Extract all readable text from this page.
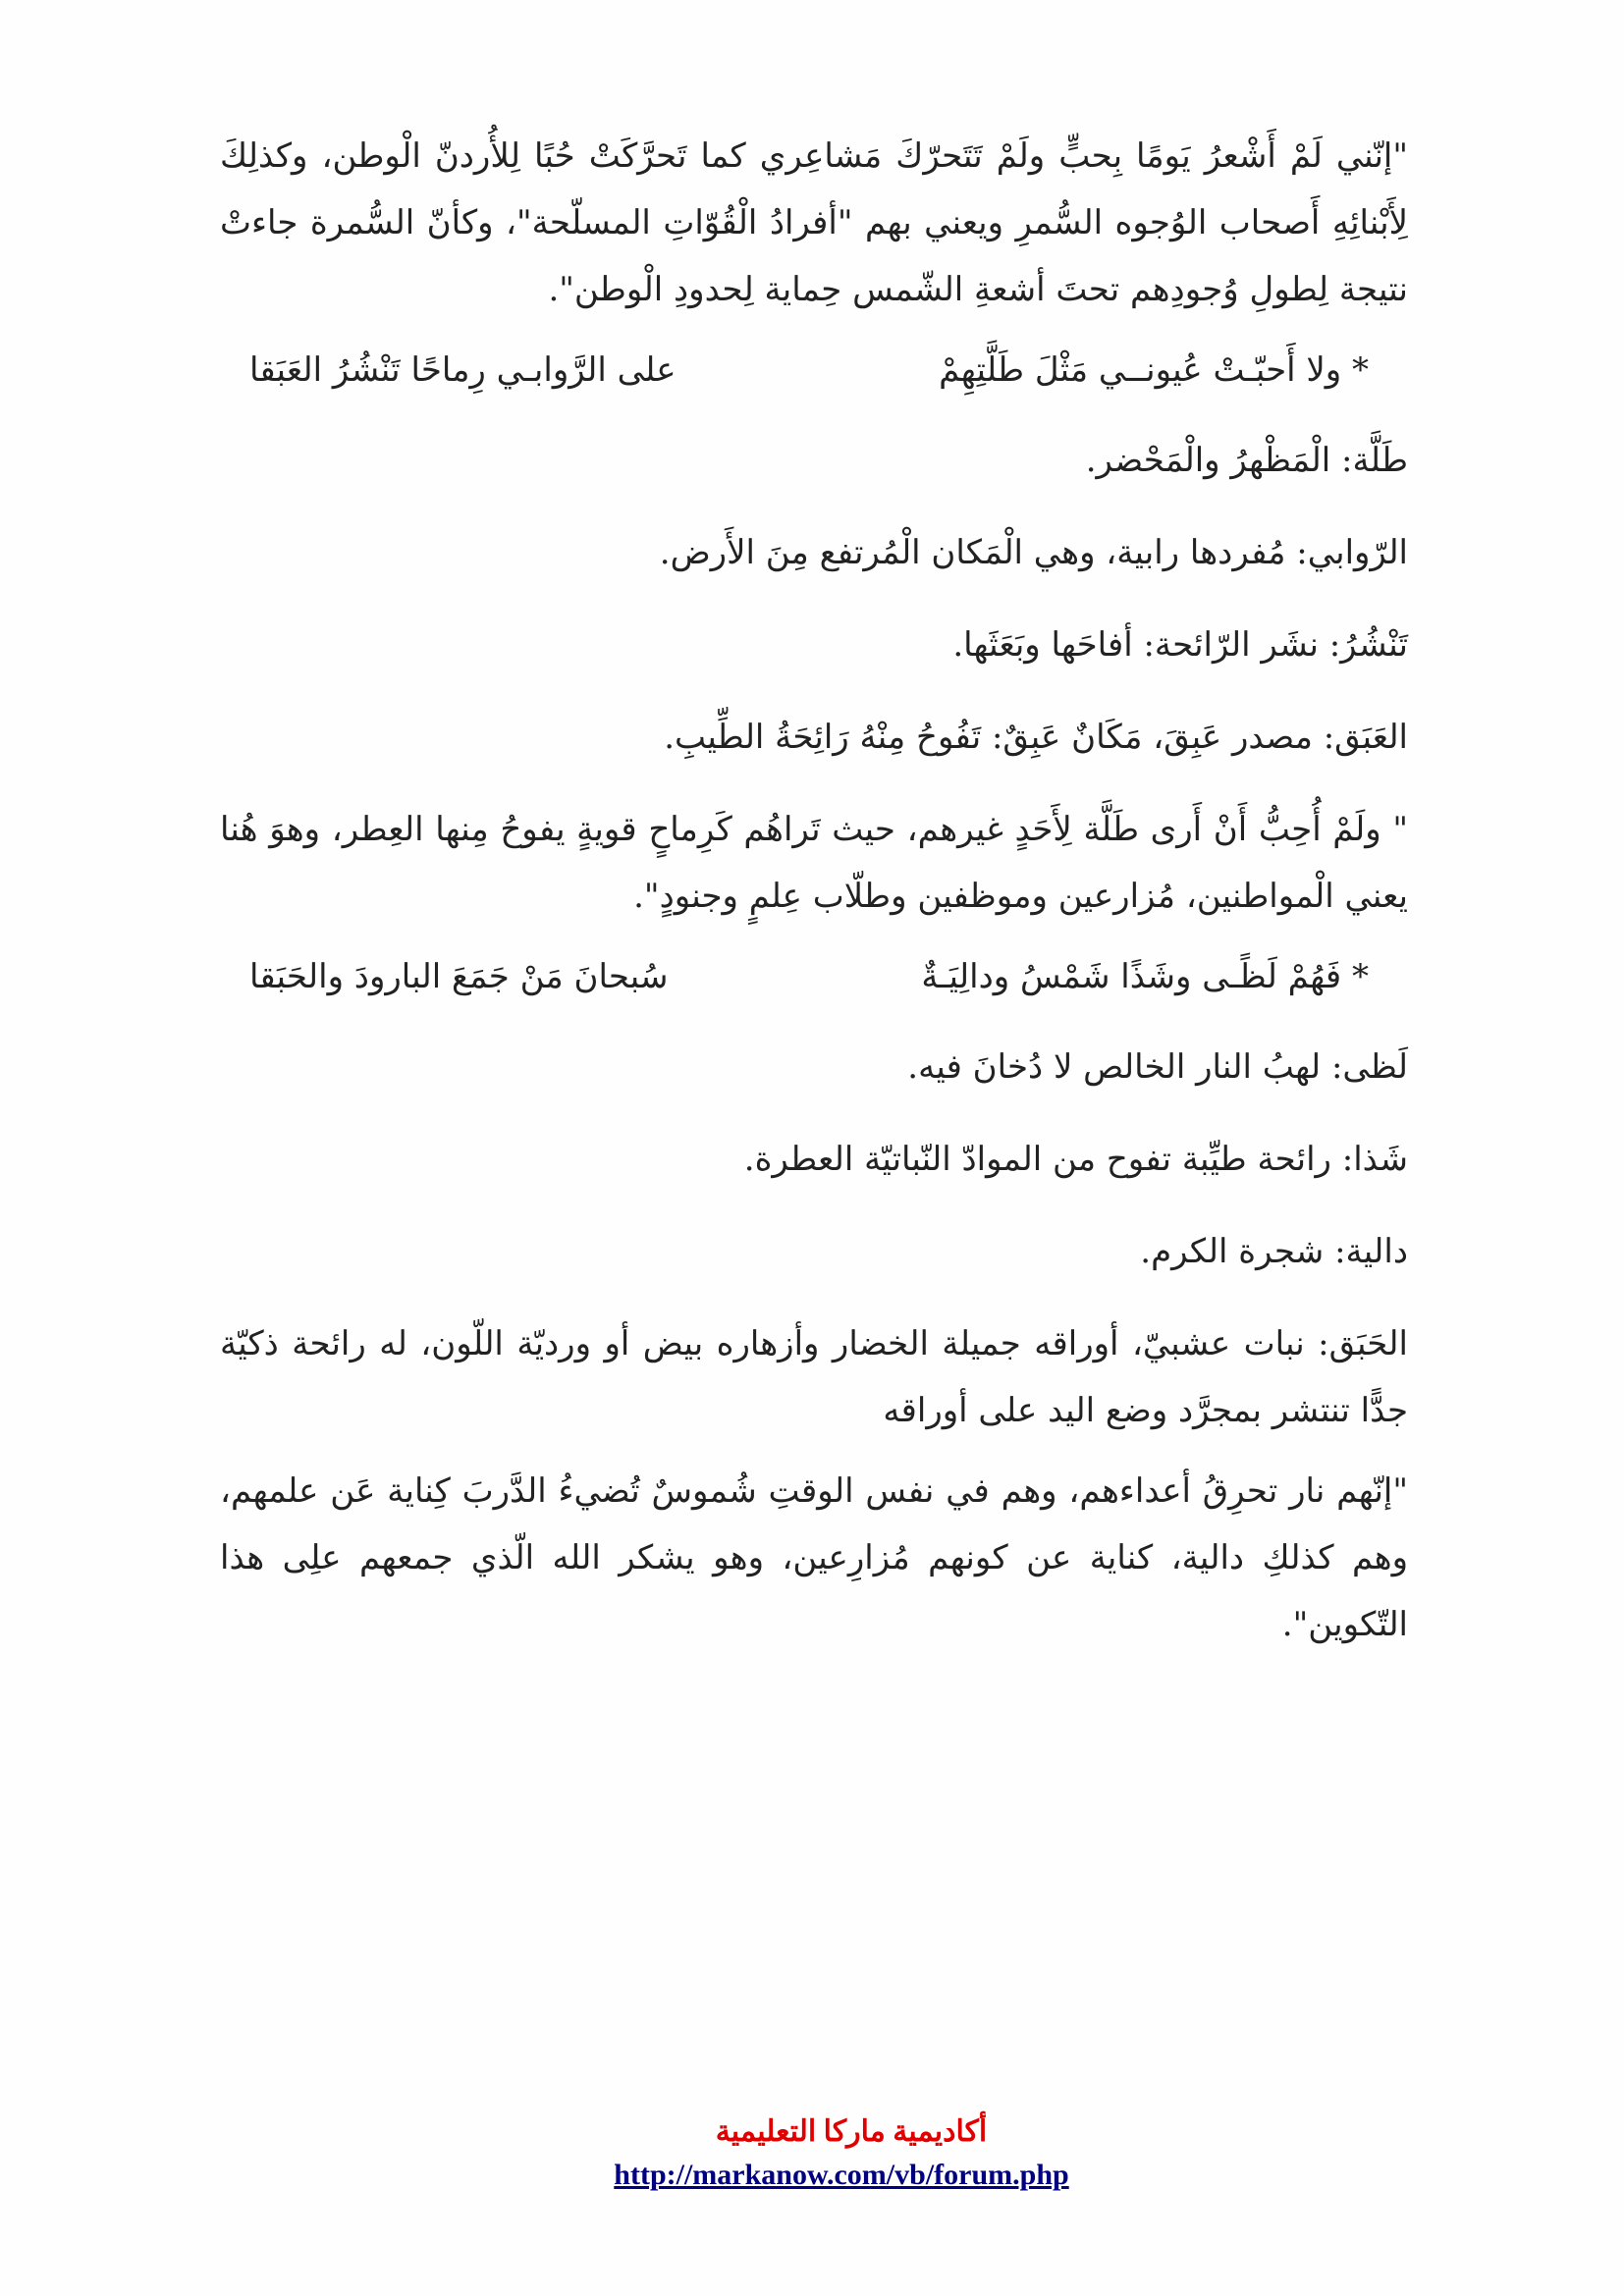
"إنّني لَمْ أَشْعرُ يَومًا بِحبٍّ ولَمْ تَتَحرّكَ مَشاعِري كما تَحرَّكَتْ حُبًا لِلأُردنّ الْوطن، وكذلِكَ لِأَبْنائِهِ أَصحاب الوُجوه السُّمرِ ويعني بهم "أفرادُ الْقُوّاتِ المسلّحة"، وكأنّ السُّمرة جاءتْ نتيجة لِطولِ وُجودِهم تحتَ أشعةِ الشّمس حِماية لِحدودِ الْوطن".

* ولا أَحبّـتْ عُيونــي مَثْلَ طَلَّتِهِمْ
على الرَّوابـي رِماحًا تَنْشُرُ العَبَقا

طَلَّة: الْمَظْهرُ والْمَحْضر.

الرّوابي: مُفردها رابية، وهي الْمَكان الْمُرتفع مِنَ الأَرض.

تَنْشُرُ: نشَر الرّائحة: أفاحَها وبَعَثَها.

العَبَق: مصدر عَبِقَ، مَكَانٌ عَبِقٌ: تَفُوحُ مِنْهُ رَائِحَةُ الطِّيبِ.

" ولَمْ أُحِبُّ أَنْ أَرى طَلَّة لِأَحَدٍ غيرهم، حيث تَراهُم كَرِماحٍ قويةٍ يفوحُ مِنها العِطر، وهوَ هُنا يعني الْمواطنين، مُزارعين وموظفين وطلّاب عِلمٍ وجنودٍ".

* فَهُمْ لَظًـى وشَذًا شَمْسُ ودالِيَـةٌ
سُبحانَ مَنْ جَمَعَ البارودَ والحَبَقا

لَظى: لهبُ النار الخالص لا دُخانَ فيه.

شَذا: رائحة طيِّبة تفوح من الموادّ النّباتيّة العطرة.

دالية: شجرة الكرم.

الحَبَق: نبات عشبيّ، أوراقه جميلة الخضار وأزهاره بيض أو ورديّة اللّون، له رائحة ذكيّة جدًّا تنتشر بمجرَّد وضع اليد على أوراقه

"إنّهم نار تحرِقُ أعداءهم، وهم في نفس الوقتِ شُموسٌ تُضيءُ الدَّربَ كِناية عَن علمهم، وهم كذلكِ دالية، كناية عن كونهم مُزارِعين، وهو يشكر الله الّذي جمعهم علِى هذا التّكوين".

أكاديمية ماركا التعليمية
http://markanow.com/vb/forum.php
